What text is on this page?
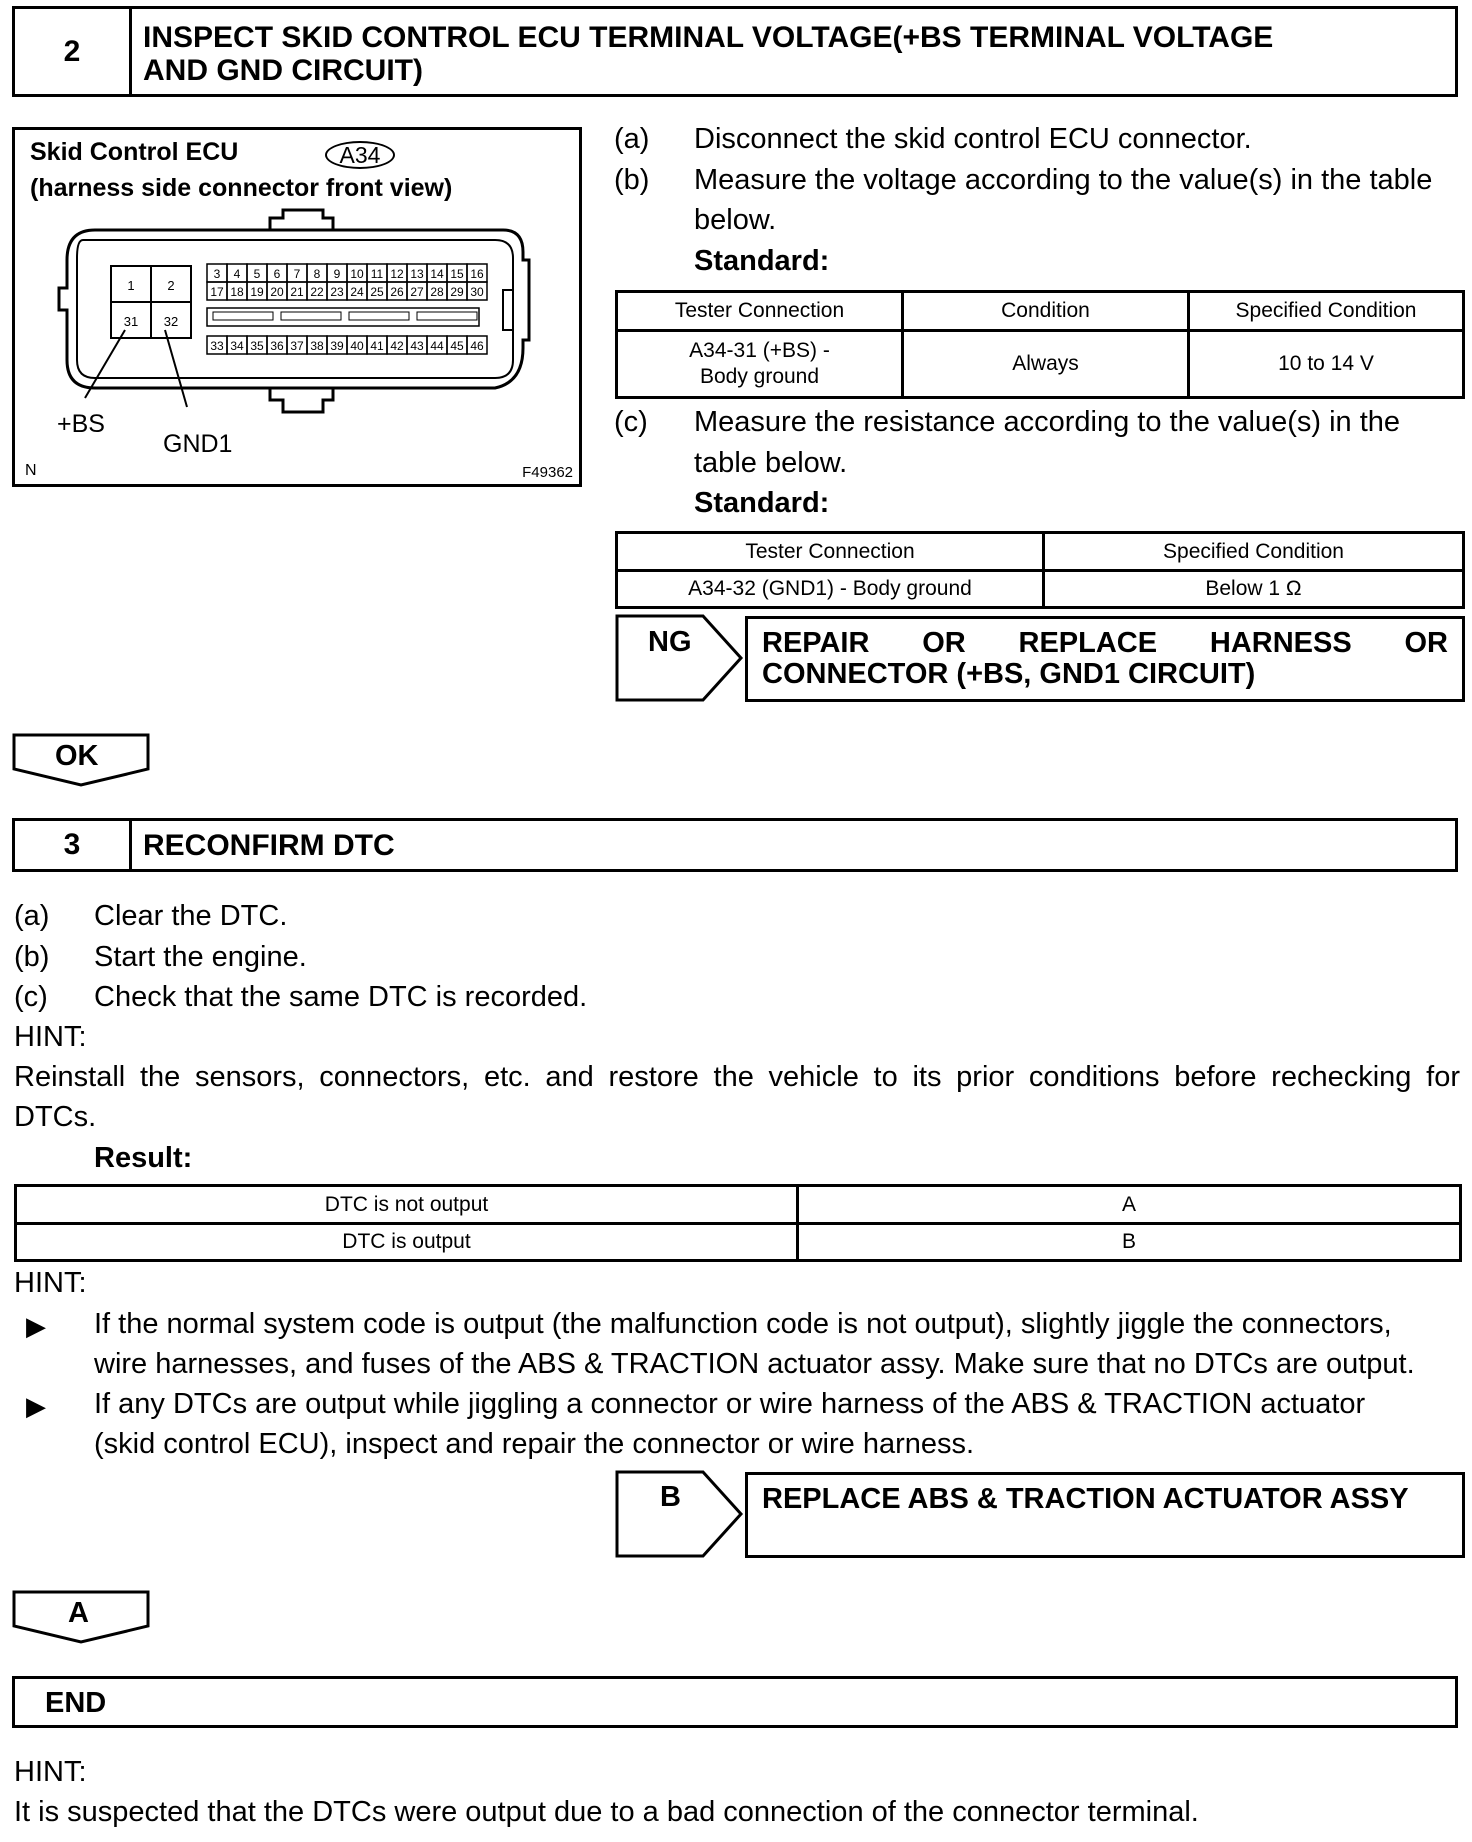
2	INSPECT SKID CONTROL ECU TERMINAL VOLTAGE(+BS TERMINAL VOLTAGE
AND GND CIRCUIT)
1	2
31 32
3 4 5 6 7 8 9 10 11 12 13 14 15 16
17 18 19 20 21 22 23 24 25 26 27 28 29 30
33 34 35 36 37 38 39 40 41 42 43 44 45 46
Skid Control ECU	A34
(harness side connector front view)
+BS
GND1
N	F49362
(a) Disconnect the skid control ECU connector.
(b) Measure the voltage according to the value(s) in the table
below.
Standard:
Tester Connection	Condition	Specified Condition

A34-31 (+BS) -
Body ground	Always	10 to 14 V
(c) Measure the resistance according to the value(s) in the
table below.
Standard:
Tester Connection	Specified Condition
A34-32 (GND1) - Body ground	Below 1 Ω
NG REPAIR OR REPLACE HARNESS OR
CONNECTOR (+BS, GND1 CIRCUIT)
OK
3	RECONFIRM DTC
(a) Clear the DTC.
(b) Start the engine.
(c) Check that the same DTC is recorded.
HINT:
Reinstall the sensors, connectors, etc. and restore the vehicle to its prior conditions before rechecking for
DTCs.
Result:
DTC is not output	A
DTC is output	B
HINT:
▶ If the normal system code is output (the malfunction code is not output), slightly jiggle the connectors,
wire harnesses, and fuses of the ABS & TRACTION actuator assy. Make sure that no DTCs are output.
▶ If any DTCs are output while jiggling a connector or wire harness of the ABS & TRACTION actuator
(skid control ECU), inspect and repair the connector or wire harness.
B	REPLACE ABS & TRACTION ACTUATOR ASSY
A
END
HINT:
It is suspected that the DTCs were output due to a bad connection of the connector terminal.
